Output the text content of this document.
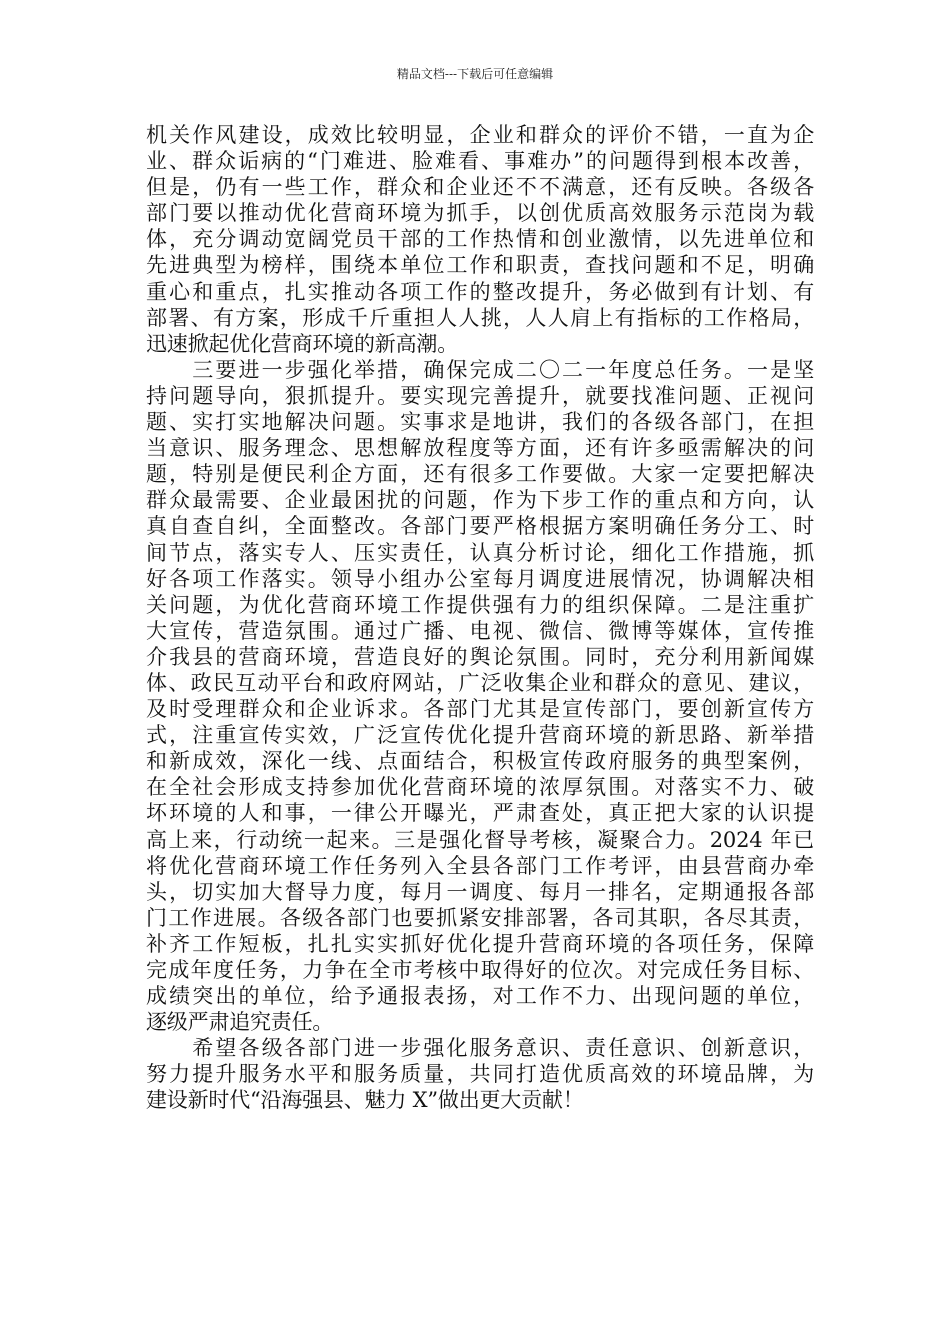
精品文档---下载后可任意编辑
机关作风建设，成效比较明显，企业和群众的评价不错，一直为企
业、群众诟病的“门难进、脸难看、事难办”的问题得到根本改善，
但是，仍有一些工作，群众和企业还不不满意，还有反映。各级各
部门要以推动优化营商环境为抓手，以创优质高效服务示范岗为载
体，充分调动宽阔党员干部的工作热情和创业激情，以先进单位和
先进典型为榜样，围绕本单位工作和职责，查找问题和不足，明确
重心和重点，扎实推动各项工作的整改提升，务必做到有计划、有
部署、有方案，形成千斤重担人人挑，人人肩上有指标的工作格局，
迅速掀起优化营商环境的新高潮。
　　三要进一步强化举措，确保完成二〇二一年度总任务。一是坚
持问题导向，狠抓提升。要实现完善提升，就要找准问题、正视问
题、实打实地解决问题。实事求是地讲，我们的各级各部门，在担
当意识、服务理念、思想解放程度等方面，还有许多亟需解决的问
题，特别是便民利企方面，还有很多工作要做。大家一定要把解决
群众最需要、企业最困扰的问题，作为下步工作的重点和方向，认
真自查自纠，全面整改。各部门要严格根据方案明确任务分工、时
间节点，落实专人、压实责任，认真分析讨论，细化工作措施，抓
好各项工作落实。领导小组办公室每月调度进展情况，协调解决相
关问题，为优化营商环境工作提供强有力的组织保障。二是注重扩
大宣传，营造氛围。通过广播、电视、微信、微博等媒体，宣传推
介我县的营商环境，营造良好的舆论氛围。同时，充分利用新闻媒
体、政民互动平台和政府网站，广泛收集企业和群众的意见、建议，
及时受理群众和企业诉求。各部门尤其是宣传部门，要创新宣传方
式，注重宣传实效，广泛宣传优化提升营商环境的新思路、新举措
和新成效，深化一线、点面结合，积极宣传政府服务的典型案例，
在全社会形成支持参加优化营商环境的浓厚氛围。对落实不力、破
坏环境的人和事，一律公开曝光，严肃查处，真正把大家的认识提
高上来，行动统一起来。三是强化督导考核，凝聚合力。2024 年已
将优化营商环境工作任务列入全县各部门工作考评，由县营商办牵
头，切实加大督导力度，每月一调度、每月一排名，定期通报各部
门工作进展。各级各部门也要抓紧安排部署，各司其职，各尽其责，
补齐工作短板，扎扎实实抓好优化提升营商环境的各项任务，保障
完成年度任务，力争在全市考核中取得好的位次。对完成任务目标、
成绩突出的单位，给予通报表扬，对工作不力、出现问题的单位，
逐级严肃追究责任。
　　希望各级各部门进一步强化服务意识、责任意识、创新意识，
努力提升服务水平和服务质量，共同打造优质高效的环境品牌，为
建设新时代“沿海强县、魅力 X”做出更大贡献！
